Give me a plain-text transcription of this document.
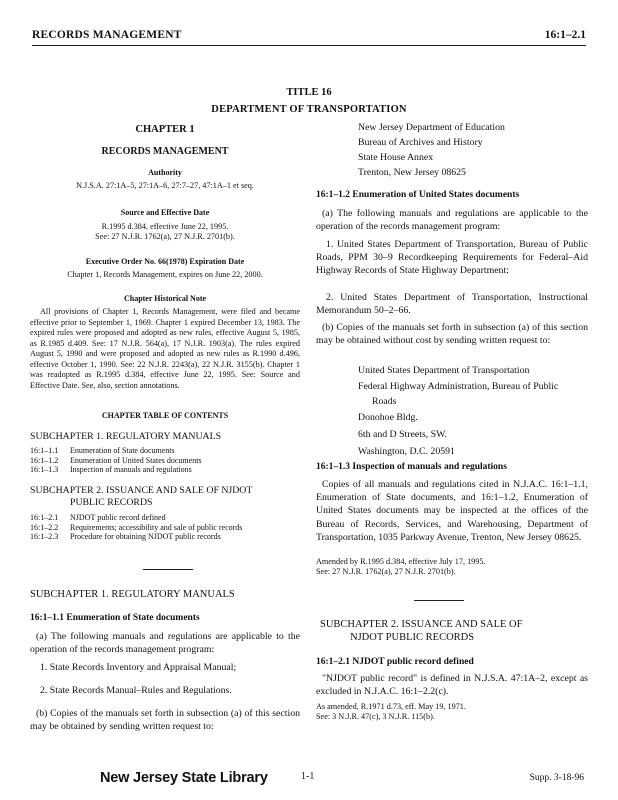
RECORDS MANAGEMENT	16:1–2.1
TITLE 16
DEPARTMENT OF TRANSPORTATION
CHAPTER 1
RECORDS MANAGEMENT
Authority
N.J.S.A. 27:1A–5, 27:1A–6, 27:7–27, 47:1A–1 et seq.
Source and Effective Date
R.1995 d.384, effective June 22, 1995.
See: 27 N.J.R. 1762(a), 27 N.J.R. 2701(b).
Executive Order No. 66(1978) Expiration Date
Chapter 1, Records Management, expires on June 22, 2000.
Chapter Historical Note
All provisions of Chapter 1, Records Management, were filed and became effective prior to September 1, 1969. Chapter 1 expired December 13, 1983. The expired rules were proposed and adopted as new rules, effective August 5, 1985, as R.1985 d.409. See: 17 N.J.R. 564(a), 17 N.J.R. 1903(a). The rules expired August 5, 1990 and were proposed and adopted as new rules as R.1990 d.496, effective October 1, 1990. See: 22 N.J.R. 2243(a), 22 N.J.R. 3155(b). Chapter 1 was readopted as R.1995 d.384, effective June 22, 1995. See: Source and Effective Date. See, also, section annotations.
CHAPTER TABLE OF CONTENTS
SUBCHAPTER 1. REGULATORY MANUALS
16:1–1.1	Enumeration of State documents
16:1–1.2	Enumeration of United States documents
16:1–1.3	Inspection of manuals and regulations
SUBCHAPTER 2. ISSUANCE AND SALE OF NJDOT
PUBLIC RECORDS
16:1–2.1	NJDOT public record defined
16:1–2.2	Requirements; accessibility and sale of public records
16:1–2.3	Procedure for obtaining NJDOT public records
SUBCHAPTER 1. REGULATORY MANUALS
16:1–1.1 Enumeration of State documents
(a) The following manuals and regulations are applicable to the operation of the records management program:
1. State Records Inventory and Appraisal Manual;
2. State Records Manual–Rules and Regulations.
(b) Copies of the manuals set forth in subsection (a) of this section may be obtained by sending written request to:
New Jersey Department of Education
Bureau of Archives and History
State House Annex
Trenton, New Jersey 08625
16:1–1.2 Enumeration of United States documents
(a) The following manuals and regulations are applicable to the operation of the records management program:
1. United States Department of Transportation, Bureau of Public Roads, PPM 30–9 Recordkeeping Requirements for Federal–Aid Highway Records of State Highway Department;
2. United States Department of Transportation, Instructional Memorandum 50–2–66.
(b) Copies of the manuals set forth in subsection (a) of this section may be obtained without cost by sending written request to:
United States Department of Transportation
Federal Highway Administration, Bureau of Public
Roads
Donohoe Bldg.
6th and D Streets, SW.
Washington, D.C. 20591
16:1–1.3 Inspection of manuals and regulations
Copies of all manuals and regulations cited in N.J.A.C. 16:1–1.1, Enumeration of State documents, and 16:1–1.2, Enumeration of United States documents may be inspected at the offices of the Bureau of Records, Services, and Warehousing, Department of Transportation, 1035 Parkway Avenue, Trenton, New Jersey 08625.
Amended by R.1995 d.384, effective July 17, 1995.
See: 27 N.J.R. 1762(a), 27 N.J.R. 2701(b).
SUBCHAPTER 2. ISSUANCE AND SALE OF
NJDOT PUBLIC RECORDS
16:1–2.1 NJDOT public record defined
"NJDOT public record" is defined in N.J.S.A. 47:1A–2, except as excluded in N.J.A.C. 16:1–2.2(c).
As amended, R.1971 d.73, eff. May 19, 1971.
See: 3 N.J.R. 47(c), 3 N.J.R. 115(b).
New Jersey State Library	1-1	Supp. 3-18-96
